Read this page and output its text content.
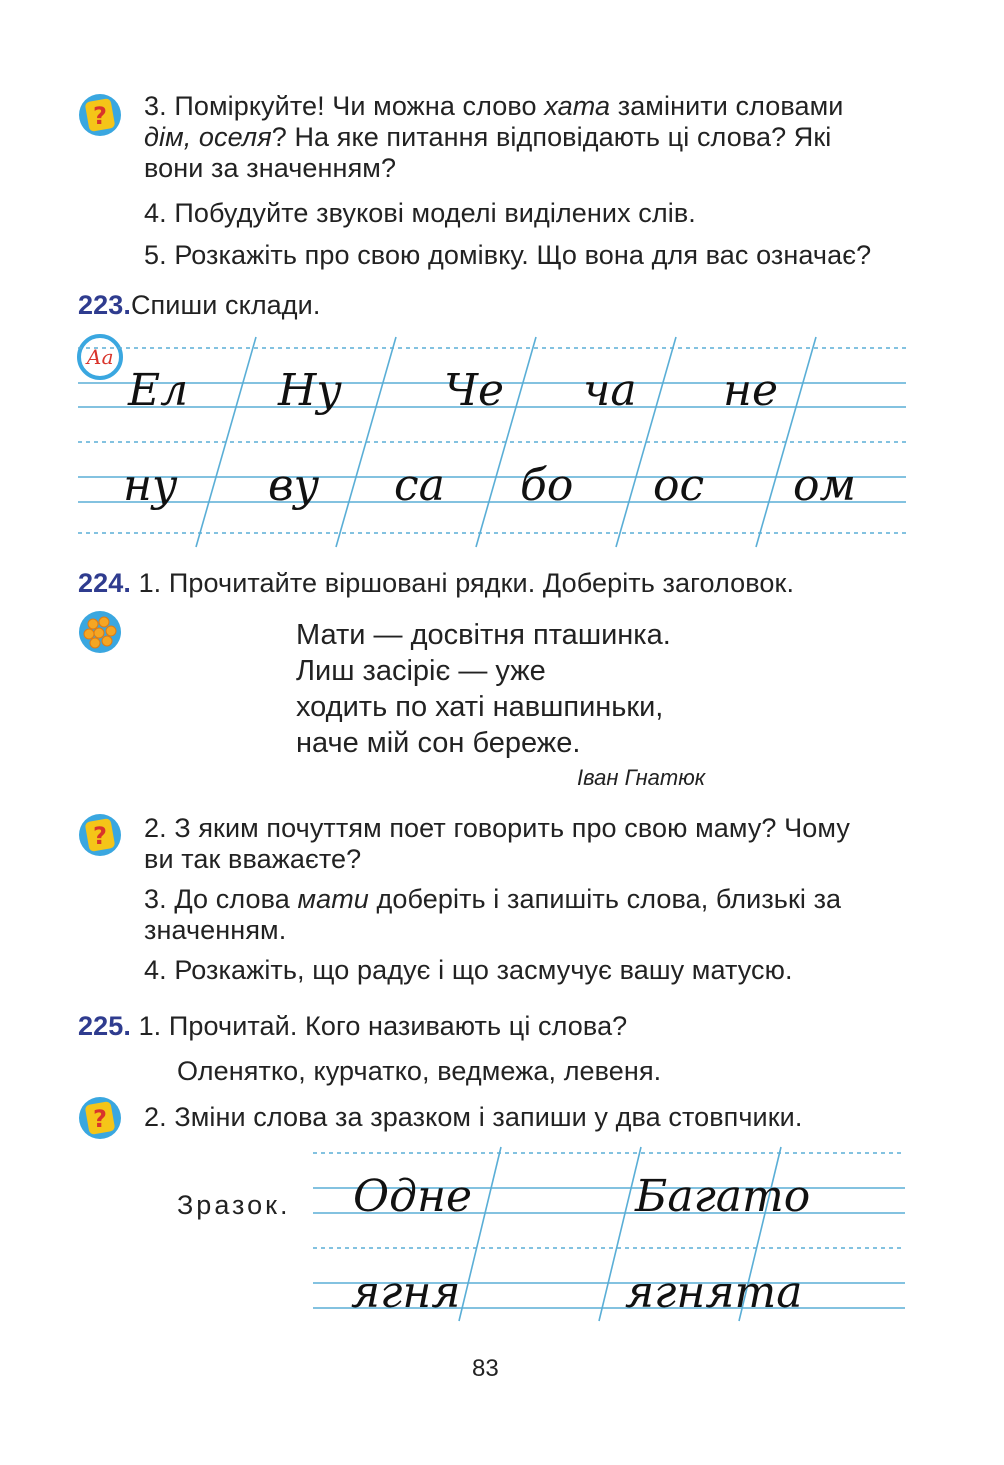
? 3. Поміркуйте! Чи можна слово хата замінити словами
дім, оселя? На яке питання відповідають ці слова? Які
вони за значенням?
4. Побудуйте звукові моделі виділених слів.
5. Розкажіть про свою домівку. Що вона для вас означає?
223.Спиши склади.
Аа
Ел Ну Че ча не
ну ву са бо ос ом
224. 1. Прочитайте віршовані рядки. Доберіть заголовок.
Мати — досвітня пташинка.
Лиш засіріє — уже
ходить по хаті навшпиньки,
наче мій сон береже.
Іван Гнатюк
? 2. З яким почуттям поет говорить про свою маму? Чому
ви так вважаєте?
3. До слова мати доберіть і запишіть слова, близькі за
значенням.
4. Розкажіть, що радує і що засмучує вашу матусю.
225. 1. Прочитай. Кого називають ці слова?
Оленятко, курчатко, ведмежа, левеня.
? 2. Зміни слова за зразком і запиши у два стовпчики.
Зразок. Одне
ягня
Багато
ягнята
83
